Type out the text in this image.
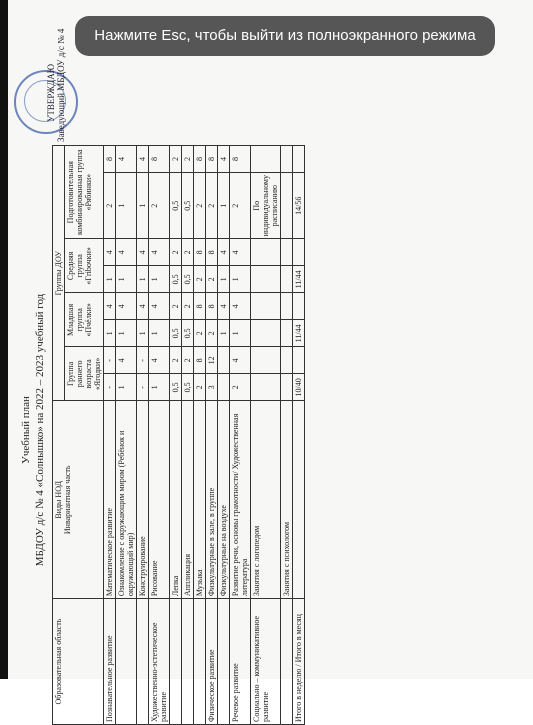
УТВЕРЖДАЮ Заведующий МБДОУ д/с № 4
Учебный план МБДОУ д/с № 4 «Солнышко» на 2022 – 2023 учебный год
Образовательная область	Виды НОД Инвариантная часть	Группы ДОУ							
		Группа раннего возраста «Ягодки»		Младшая группа «Пчёлки»		Средняя группа «Гribочки»		Подготовительная комбинированная группа «Рябинки»	
Познавательное развитие	Математическое развитие	-	-	1	4	1	4	2	8
	Ознакомление с окружающим миром (Ребёнок и окружающий мир)	1	4	1	4	1	4	1	4
	Конструирование	-	-	1	4	1	4	1	4
Художественно-эстетическое развитие	Рисование	1	4	1	4	1	4	2	8
	Лепка	0,5	2	0,5	2	0,5	2	0,5	2
	Аппликация	0,5	2	0,5	2	0,5	2	0,5	2
	Музыка	2	8	2	8	2	8	2	8
Физическое развитие	Физкультурные в зале, в группе	3	12	2	8	2	8	2	8
	Физкультурные на воздухе			1	4	1	4	1	4
Речевое развитие	Развитие речи, основы грамотности/ Художественная литература	2	4	1	4	1	4	2	8
Социально – коммуникативное развитие	Занятия с логопедом							По индивидуальному расписанию	
	Занятия с психологом								
Итого в неделю / Итого в месяц		10/40		11/44		11/44		14/56	
Нажмите Esc, чтобы выйти из полноэкранного режима
